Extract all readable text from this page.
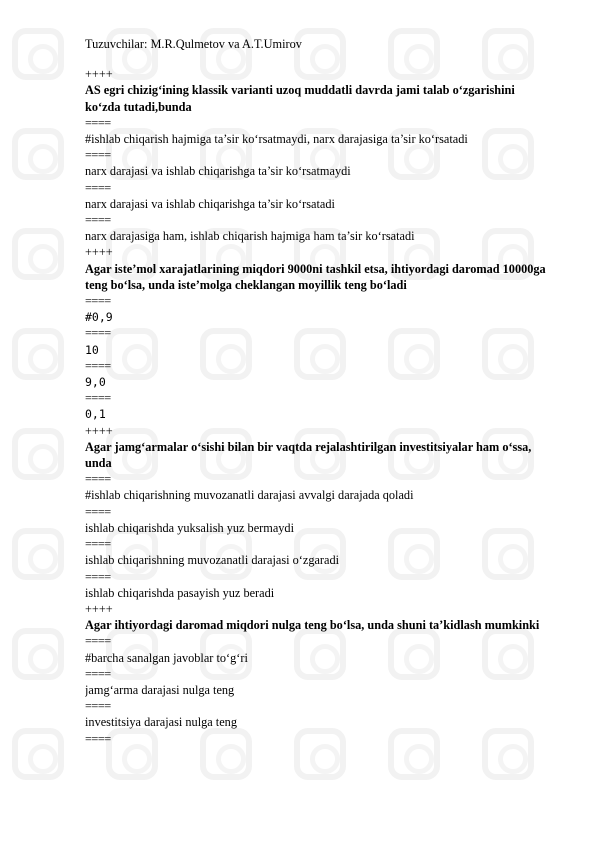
Tuzuvchilar: M.R.Qulmetov va A.T.Umirov
++++
AS egri chizig‘ining klassik varianti uzoq muddatli davrda jami talab o‘zgarishini ko‘zda tutadi,bunda
====
#ishlab chiqarish hajmiga ta’sir ko‘rsatmaydi, narx darajasiga ta’sir ko‘rsatadi
====
narx darajasi va ishlab chiqarishga ta’sir ko‘rsatmaydi
====
narx darajasi va ishlab chiqarishga ta’sir ko‘rsatadi
====
narx darajasiga ham, ishlab chiqarish hajmiga ham ta’sir ko‘rsatadi
++++
Agar iste’mol xarajatlarining miqdori 9000ni tashkil etsa, ihtiyordagi daromad 10000ga teng bo‘lsa, unda iste’molga cheklangan moyillik teng bo‘ladi
====
#0,9
====
10
====
9,0
====
0,1
++++
Agar jamg‘armalar o‘sishi bilan bir vaqtda rejalashtirilgan investitsiyalar ham o‘ssa, unda
====
#ishlab chiqarishning muvozanatli darajasi avvalgi darajada qoladi
====
ishlab chiqarishda yuksalish yuz bermaydi
====
ishlab chiqarishning muvozanatli darajasi o‘zgaradi
====
ishlab chiqarishda pasayish yuz beradi
++++
Agar ihtiyordagi daromad miqdori nulga teng bo‘lsa, unda shuni ta’kidlash mumkinki
====
#barcha sanalgan javoblar to‘g‘ri
====
jamg‘arma darajasi nulga teng
====
investitsiya darajasi nulga teng
====
